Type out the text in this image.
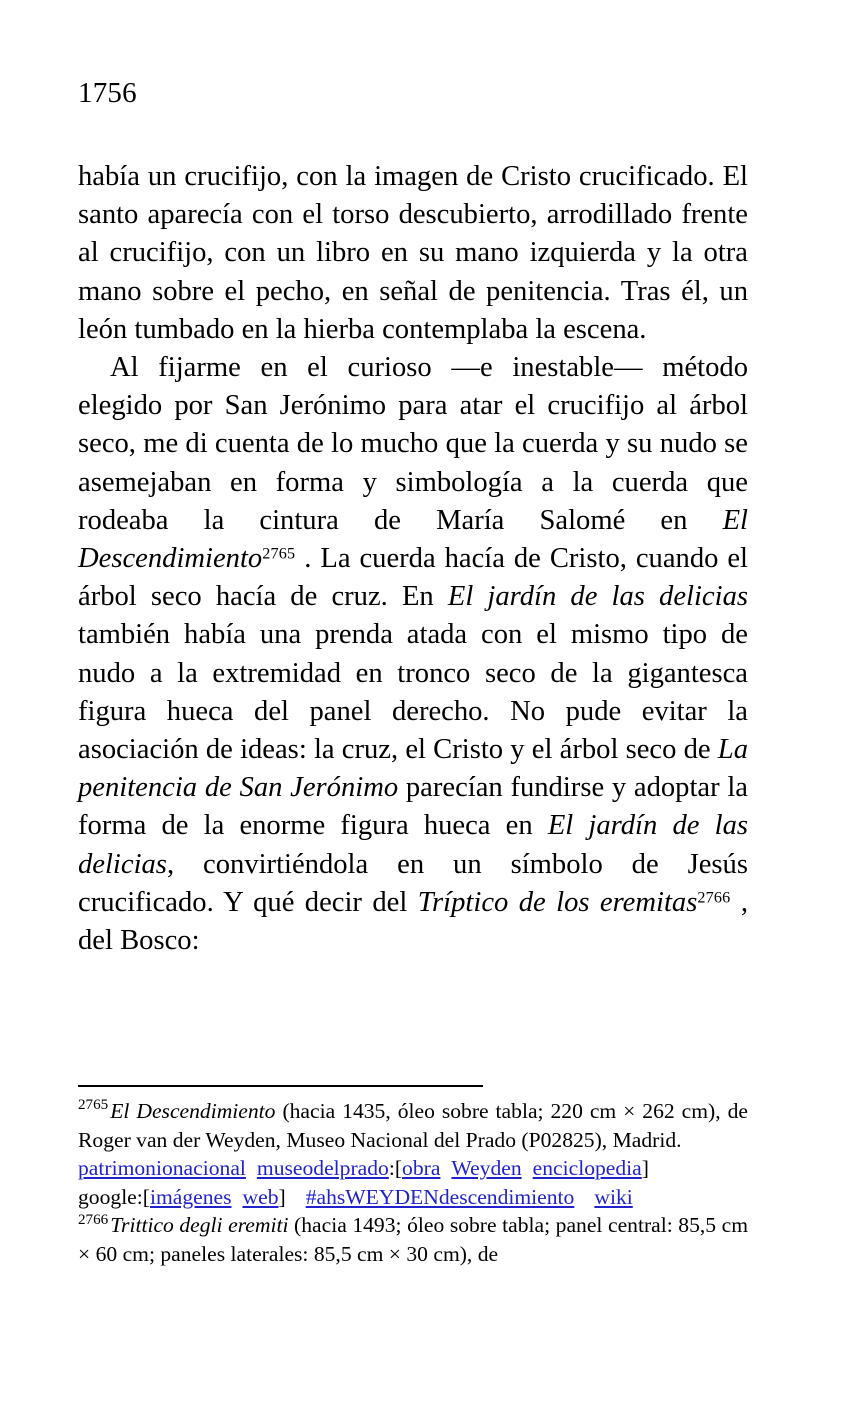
1756

había un crucifijo, con la imagen de Cristo crucificado. El santo aparecía con el torso descubierto, arrodillado frente al crucifijo, con un libro en su mano izquierda y la otra mano sobre el pecho, en señal de penitencia. Tras él, un león tumbado en la hierba contemplaba la escena.

Al fijarme en el curioso —e inestable— método elegido por San Jerónimo para atar el crucifijo al árbol seco, me di cuenta de lo mucho que la cuerda y su nudo se asemejaban en forma y simbología a la cuerda que rodeaba la cintura de María Salomé en El Descendimiento$^{2765}$ . La cuerda hacía de Cristo, cuando el árbol seco hacía de cruz. En El jardín de las delicias también había una prenda atada con el mismo tipo de nudo a la extremidad en tronco seco de la gigantesca figura hueca del panel derecho. No pude evitar la asociación de ideas: la cruz, el Cristo y el árbol seco de La penitencia de San Jerónimo parecían fundirse y adoptar la forma de la enorme figura hueca en El jardín de las delicias, convirtiéndola en un símbolo de Jesús crucificado. Y qué decir del Tríptico de los eremitas$^{2766}$ , del Bosco:

$^{2765}$El Descendimiento (hacia 1435, óleo sobre tabla; 220 cm × 262 cm), de Roger van der Weyden, Museo Nacional del Prado (P02825), Madrid.

patrimonionacional museodelprado:[obra Weyden enciclopedia]

google:[imágenes web] #ahsWEYDENdescendimiento wiki

$^{2766}$Trittico degli eremiti (hacia 1493; óleo sobre tabla; panel central: 85,5 cm × 60 cm; paneles laterales: 85,5 cm × 30 cm), de
